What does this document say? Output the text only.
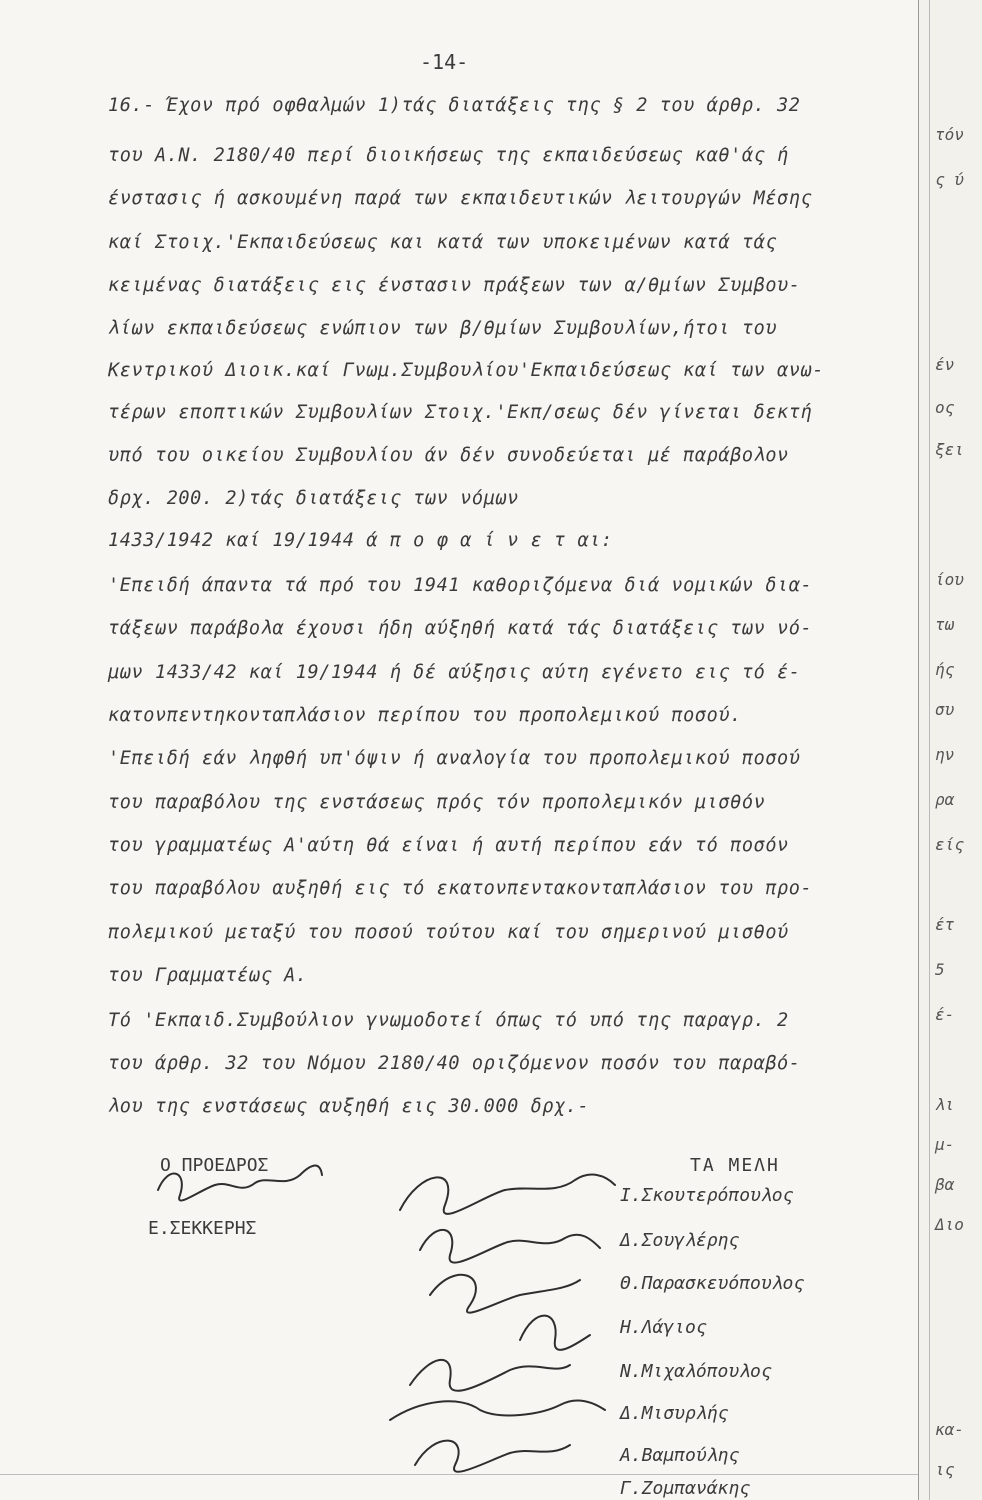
-14-
16.- Έχον πρό οφθαλμών 1)τάς διατάξεις της § 2 του άρθρ. 32
του Α.Ν. 2180/40 περί διοικήσεως της εκπαιδεύσεως καθ'άς ή
ένστασις ή ασκουμένη παρά των εκπαιδευτικών λειτουργών Μέσης
καί Στοιχ.'Εκπαιδεύσεως και κατά των υποκειμένων κατά τάς
κειμένας διατάξεις εις ένστασιν πράξεων των α/θμίων Συμβου-
λίων εκπαιδεύσεως ενώπιον των β/θμίων Συμβουλίων,ήτοι του
Κεντρικού Διοικ.καί Γνωμ.Συμβουλίου'Εκπαιδεύσεως καί των ανω-
τέρων εποπτικών Συμβουλίων Στοιχ.'Εκπ/σεως δέν γίνεται δεκτή
υπό του οικείου Συμβουλίου άν δέν συνοδεύεται μέ παράβολον
δρχ. 200. 2)τάς διατάξεις των νόμων
1433/1942 καί 19/1944 ά π ο φ α ί ν ε τ αι:
'Επειδή άπαντα τά πρό του 1941 καθοριζόμενα διά νομικών δια-
τάξεων παράβολα έχουσι ήδη αύξηθή κατά τάς διατάξεις των νό-
μων 1433/42 καί 19/1944 ή δέ αύξησις αύτη εγένετο εις τό έ-
κατονπεντηκονταπλάσιον περίπου του προπολεμικού ποσού.
'Επειδή εάν ληφθή υπ'όψιν ή αναλογία του προπολεμικού ποσού
του παραβόλου της ενστάσεως πρός τόν προπολεμικόν μισθόν
του γραμματέως Α'αύτη θά είναι ή αυτή περίπου εάν τό ποσόν
του παραβόλου αυξηθή εις τό εκατονπεντακονταπλάσιον του προ-
πολεμικού μεταξύ του ποσού τούτου καί του σημερινού μισθού
του Γραμματέως Α.
Τό 'Εκπαιδ.Συμβούλιον γνωμοδοτεί όπως τό υπό της παραγρ. 2
του άρθρ. 32 του Νόμου 2180/40 οριζόμενον ποσόν του παραβό-
λου της ενστάσεως αυξηθή εις 30.000 δρχ.-
τόν
ς ύ
έν
ος
ξει
ίου
τω
ής
συ
ην
ρα
είς
έτ
5
έ-
λι
μ-
βα
Διο
κα-
ις
Ο ΠΡΟΕΔΡΟΣ
Ε.ΣΕΚΚΕΡΗΣ
ΤΑ ΜΕΛΗ
Ι.Σκουτερόπουλος
Δ.Σουγλέρης
Θ.Παρασκευόπουλος
Η.Λάγιος
Ν.Μιχαλόπουλος
Δ.Μισυρλής
Α.Βαμπούλης
Γ.Ζομπανάκης
